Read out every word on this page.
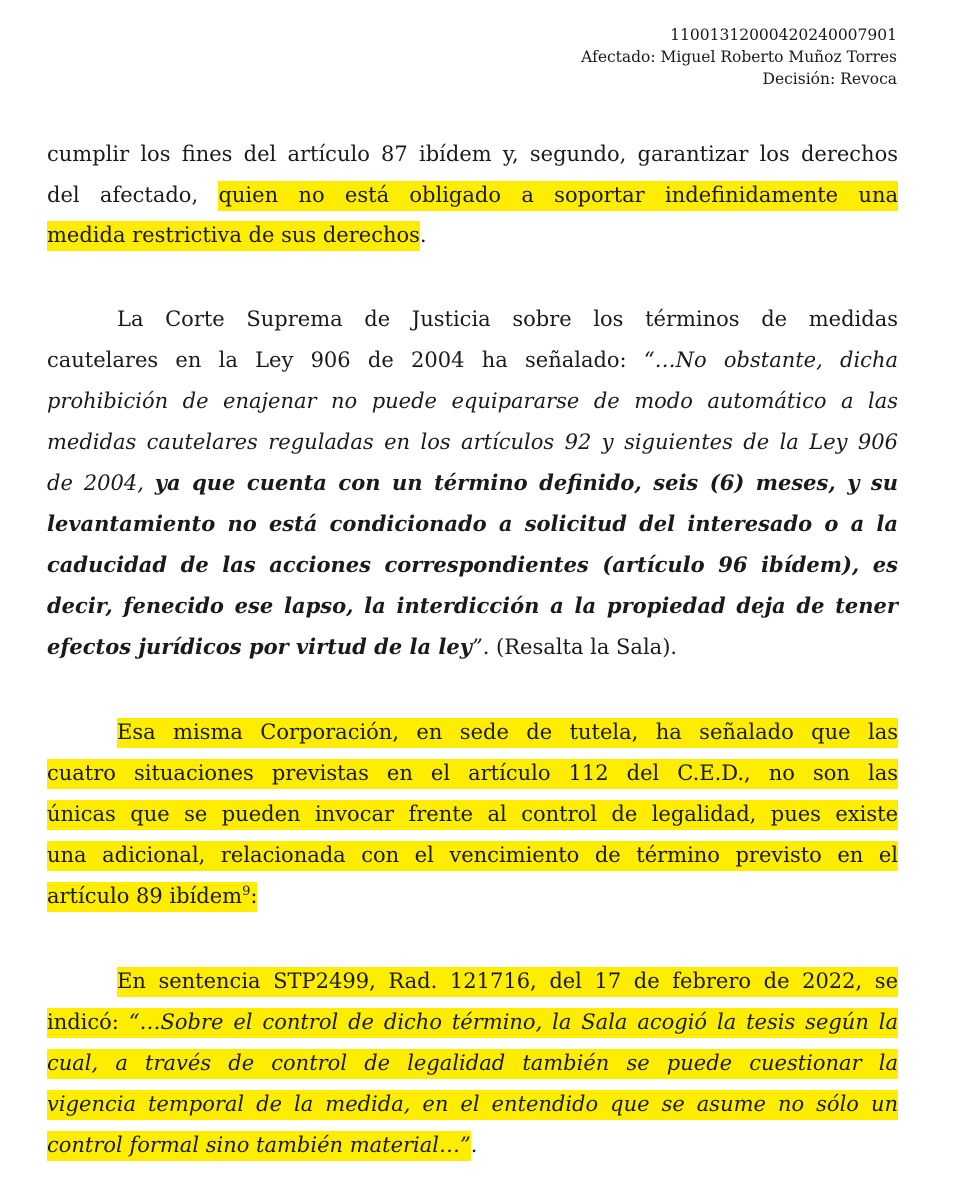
11001312000420240007901
Afectado: Miguel Roberto Muñoz Torres
Decisión: Revoca
cumplir los fines del artículo 87 ibídem y, segundo, garantizar los derechos
del afectado, quien no está obligado a soportar indefinidamente una
medida restrictiva de sus derechos.
La Corte Suprema de Justicia sobre los términos de medidas
cautelares en la Ley 906 de 2004 ha señalado: “…No obstante, dicha
prohibición de enajenar no puede equipararse de modo automático a las
medidas cautelares reguladas en los artículos 92 y siguientes de la Ley 906
de 2004, ya que cuenta con un término definido, seis (6) meses, y su
levantamiento no está condicionado a solicitud del interesado o a la
caducidad de las acciones correspondientes (artículo 96 ibídem), es
decir, fenecido ese lapso, la interdicción a la propiedad deja de tener
efectos jurídicos por virtud de la ley”. (Resalta la Sala).
Esa misma Corporación, en sede de tutela, ha señalado que las
cuatro situaciones previstas en el artículo 112 del C.E.D., no son las
únicas que se pueden invocar frente al control de legalidad, pues existe
una adicional, relacionada con el vencimiento de término previsto en el
artículo 89 ibídem$^9$:
En sentencia STP2499, Rad. 121716, del 17 de febrero de 2022, se
indicó: “…Sobre el control de dicho término, la Sala acogió la tesis según la
cual, a través de control de legalidad también se puede cuestionar la
vigencia temporal de la medida, en el entendido que se asume no sólo un
control formal sino también material…”.
